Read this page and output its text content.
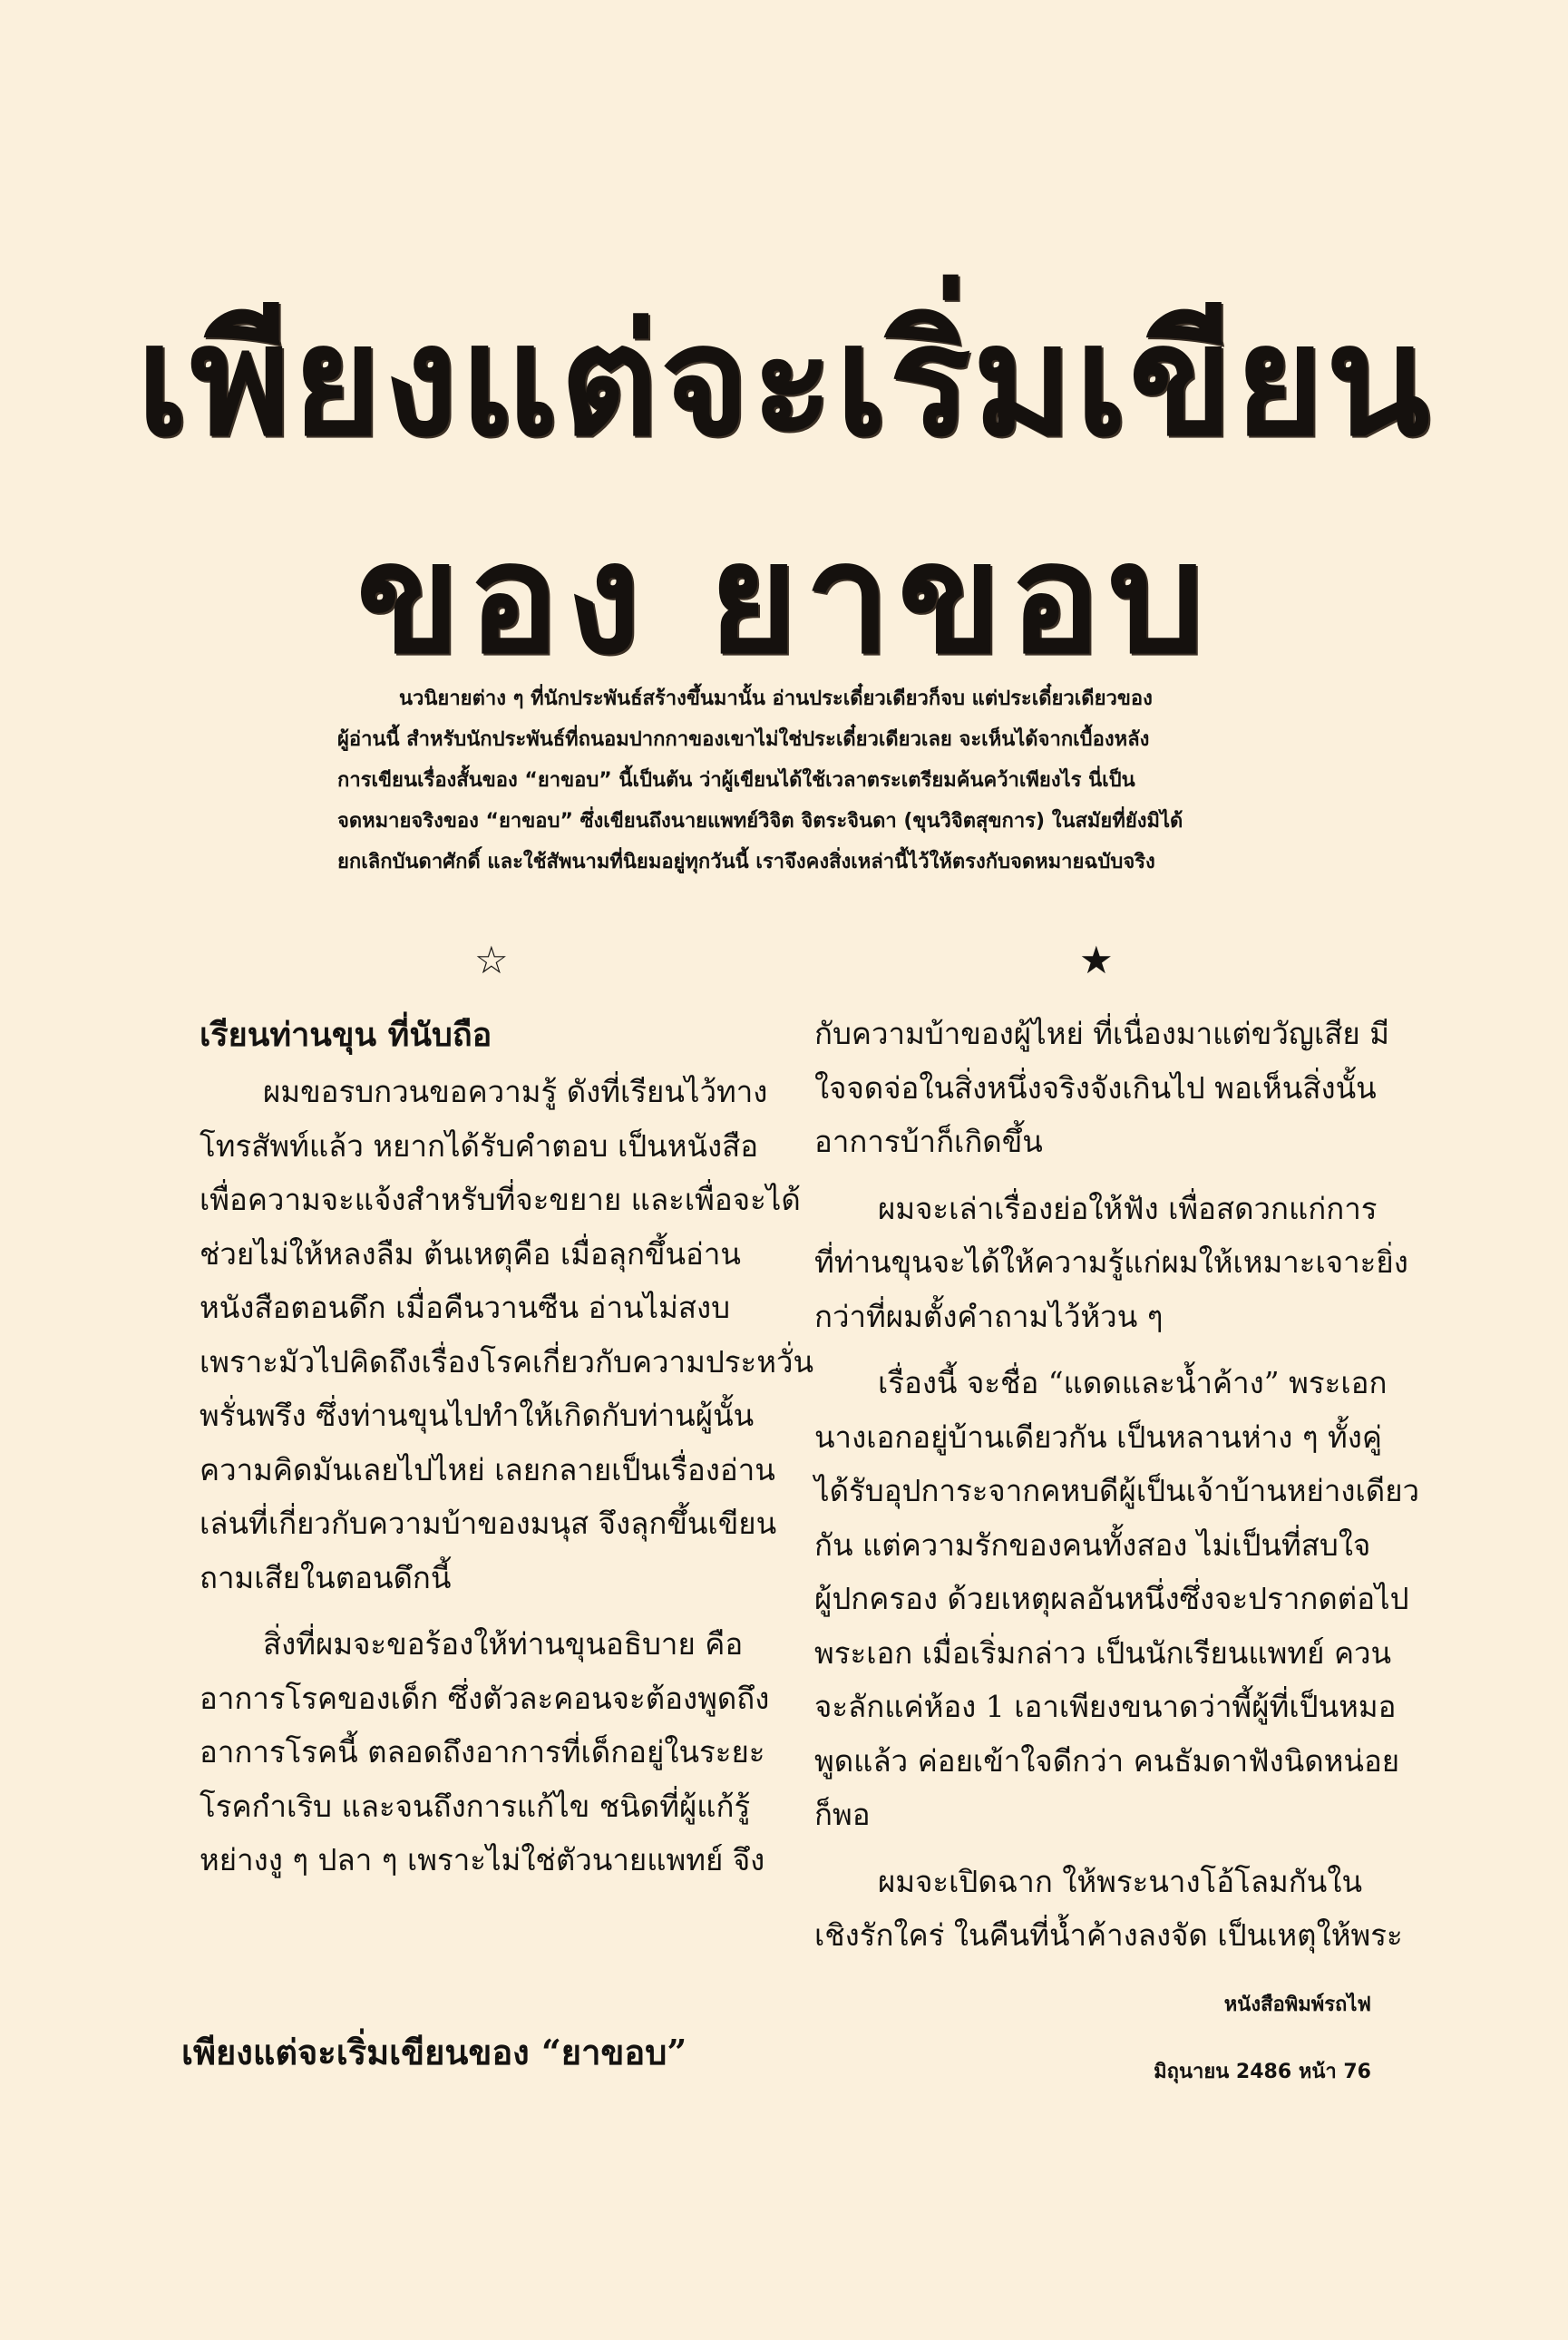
เพียงแต่จะเริ่มเขียน
ของ ยาขอบ

นวนิยายต่าง ๆ ที่นักประพันธ์สร้างขึ้นมานั้น อ่านประเดี๋ยวเดียวก็จบ แต่ประเดี๋ยวเดียวของ

ผู้อ่านนี้ สำหรับนักประพันธ์ที่ถนอมปากกาของเขาไม่ใช่ประเดี๋ยวเดียวเลย จะเห็นได้จากเบื้องหลัง

การเขียนเรื่องสั้นของ “ยาขอบ” นี้เป็นต้น ว่าผู้เขียนได้ใช้เวลาตระเตรียมค้นคว้าเพียงไร นี่เป็น

จดหมายจริงของ “ยาขอบ” ซึ่งเขียนถึงนายแพทย์วิจิต จิตระจินดา (ขุนวิจิตสุขการ) ในสมัยที่ยังมิได้

ยกเลิกบันดาศักดิ์ และใช้สัพนามที่นิยมอยู่ทุกวันนี้ เราจึงคงสิ่งเหล่านี้ไว้ให้ตรงกับจดหมายฉบับจริง

☆	★

เรียนท่านขุน ที่นับถือ

ผมขอรบกวนขอความรู้ ดังที่เรียนไว้ทาง

โทรสัพท์แล้ว หยากได้รับคำตอบ เป็นหนังสือ

เพื่อความจะแจ้งสำหรับที่จะขยาย และเพื่อจะได้

ช่วยไม่ให้หลงลืม ต้นเหตุคือ เมื่อลุกขึ้นอ่าน

หนังสือตอนดึก เมื่อคืนวานซืน อ่านไม่สงบ

เพราะมัวไปคิดถึงเรื่องโรคเกี่ยวกับความประหวั่น

พรั่นพรึง ซึ่งท่านขุนไปทำให้เกิดกับท่านผู้นั้น

ความคิดมันเลยไปไหย่ เลยกลายเป็นเรื่องอ่าน

เล่นที่เกี่ยวกับความบ้าของมนุส จึงลุกขึ้นเขียน

ถามเสียในตอนดึกนี้

สิ่งที่ผมจะขอร้องให้ท่านขุนอธิบาย คือ

อาการโรคของเด็ก ซึ่งตัวละคอนจะต้องพูดถึง

อาการโรคนี้ ตลอดถึงอาการที่เด็กอยู่ในระยะ

โรคกำเริบ และจนถึงการแก้ไข ชนิดที่ผู้แก้รู้

หย่างงู ๆ ปลา ๆ เพราะไม่ใช่ตัวนายแพทย์ จึง

กับความบ้าของผู้ไหย่ ที่เนื่องมาแต่ขวัญเสีย มี

ใจจดจ่อในสิ่งหนึ่งจริงจังเกินไป พอเห็นสิ่งนั้น

อาการบ้าก็เกิดขึ้น

ผมจะเล่าเรื่องย่อให้ฟัง เพื่อสดวกแก่การ

ที่ท่านขุนจะได้ให้ความรู้แก่ผมให้เหมาะเจาะยิ่ง

กว่าที่ผมตั้งคำถามไว้ห้วน ๆ

เรื่องนี้ จะชื่อ “แดดและน้ำค้าง” พระเอก

นางเอกอยู่บ้านเดียวกัน เป็นหลานห่าง ๆ ทั้งคู่

ได้รับอุปการะจากคหบดีผู้เป็นเจ้าบ้านหย่างเดียว

กัน แต่ความรักของคนทั้งสอง ไม่เป็นที่สบใจ

ผู้ปกครอง ด้วยเหตุผลอันหนึ่งซึ่งจะปรากดต่อไป

พระเอก เมื่อเริ่มกล่าว เป็นนักเรียนแพทย์ ควน

จะลักแค่ห้อง 1 เอาเพียงขนาดว่าพี้ผู้ที่เป็นหมอ

พูดแล้ว ค่อยเข้าใจดีกว่า คนธัมดาฟังนิดหน่อย

ก็พอ

ผมจะเปิดฉาก ให้พระนางโอ้โลมกันใน

เชิงรักใคร่ ในคืนที่น้ำค้างลงจัด เป็นเหตุให้พระ

เพียงแต่จะเริ่มเขียนของ “ยาขอบ”
หนังสือพิมพ์รถไฟ
มิถุนายน 2486 หน้า 76
